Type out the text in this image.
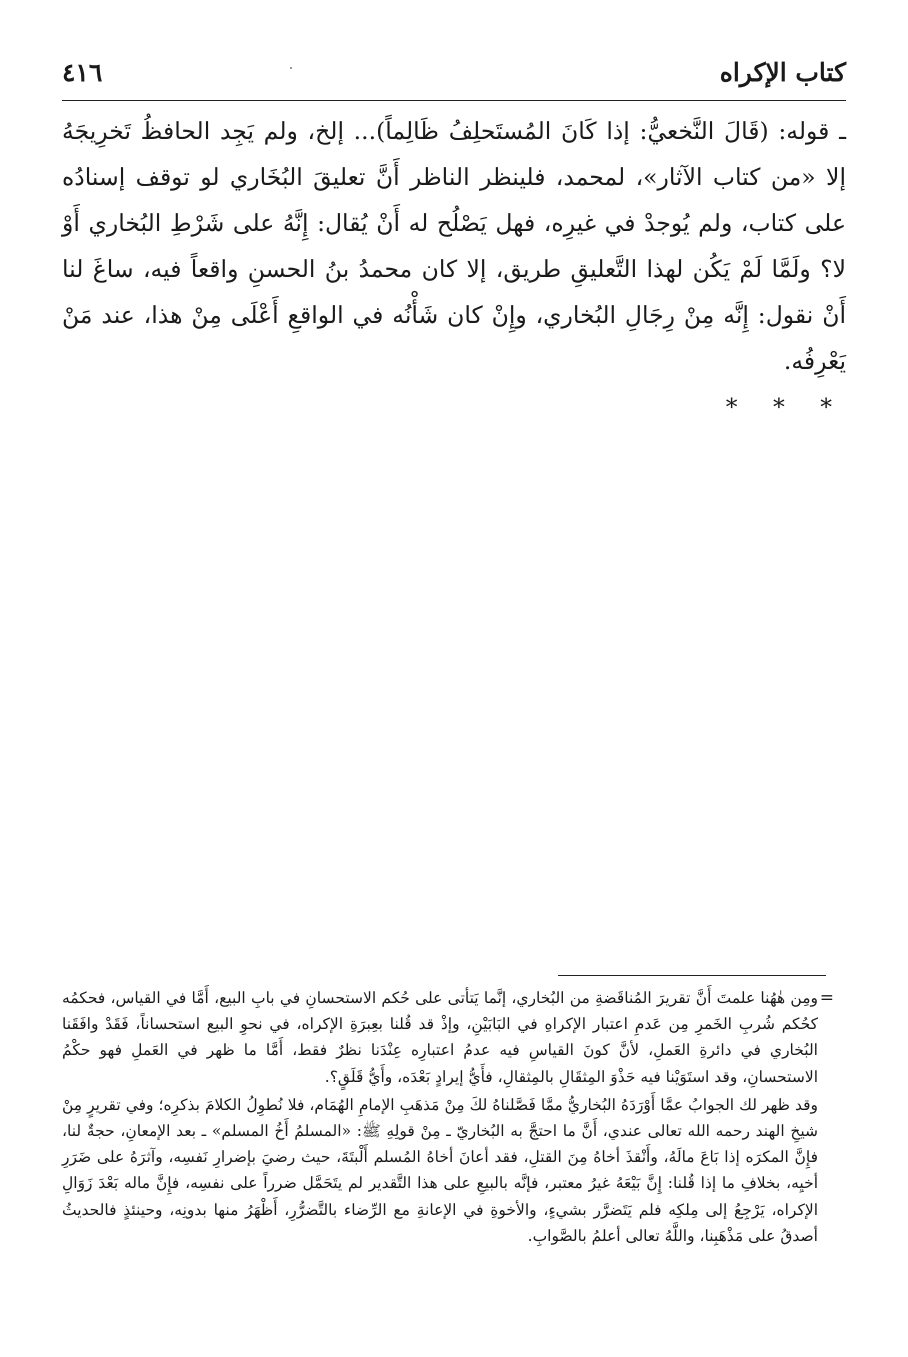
كتاب الإكراه
٤١٦

ـ قوله: (قَالَ النَّخعيُّ: إذا كَانَ المُستَحلِفُ ظَالِماً)... إلخ، ولم يَجِد الحافظُ تَخرِيجَهُ إلا «من كتاب الآثار»، لمحمد، فلينظر الناظر أَنَّ تعليقَ البُخَاري لو توقف إسنادُه على كتاب، ولم يُوجدْ في غيرِه، فهل يَصْلُح له أَنْ يُقال: إِنَّهُ على شَرْطِ البُخاري أَوْ لا؟ ولَمَّا لَمْ يَكُن لهذا التَّعليقِ طريق، إلا كان محمدُ بنُ الحسنِ واقعاً فيه، ساغَ لنا أَنْ نقول: إِنَّه مِنْ رِجَالِ البُخاري، وإِنْ كان شَأْنُه في الواقعِ أَعْلَى مِنْ هذا، عند مَنْ يَعْرِفُه.

* * *

=

ومِن هٰهُنا علمتَ أَنَّ تقريرَ المُناقَضةِ من البُخاري، إنَّما يَتأتى على حُكم الاستحسانِ في بابِ البيع، أَمَّا في القياس، فحكمُه كحُكم شُربِ الخَمرِ مِن عَدمِ اعتبار الإكراهِ في البَابَيْنِ، وإذْ قد قُلنا بعِبرَةِ الإكراه، في نحوِ البيع استحساناً، فَقَدْ وافَقَنا البُخاري في دائرةِ العَملِ، لأنَّ كونَ القياسِ فيه عدمُ اعتبارِه عِنْدَنا نظرٌ فقط، أَمَّا ما ظهر في العَملِ فهو حكْمُ الاستحسانِ، وقد استَوَيْنا فيه حَذْوَ المِثقَالِ بالمِثقالِ، فأَيُّ إيرادٍ بَعْدَه، وأَيُّ قَلَقٍ؟.

وقد ظهر لك الجوابُ عمَّا أَوْرَدَهُ البُخاريُّ ممَّا فَصَّلناهُ لكَ مِنْ مَذهَبِ الإمامِ الهُمَام، فلا نُطوِلُ الكلامَ بذكرِه؛ وفي تقريرٍ مِنْ شيخِ الهند رحمه الله تعالى عندي، أَنَّ ما احتجَّ به البُخاريّ ـ مِنْ قولِهِ ﷺ: «المسلمُ أَخُ المسلم» ـ بعد الإمعانِ، حجةٌ لنا، فإِنَّ المكرَه إذا بَاعَ مالَهُ، وأَنْقذَ أخاهُ مِنَ القتلِ، فقد أعانَ أخاهُ المُسلم أَلْبتَةَ، حيث رضيَ بإضرارِ نَفسِه، وآثرَهُ على ضَرَرِ أخيِه، بخلافِ ما إذا قُلنا: إِنَّ بَيْعَهُ غيرُ معتبر، فإنَّه بالبيعِ على هذا التَّقدير لم يتَحَمَّل ضرراً على نفسِه، فإِنَّ ماله بَعْدَ زَوَالِ الإكراه، يَرْجِعُ إلى مِلكِه فلم يَتَضرَّر بشيءٍ، والأخوةِ في الإعانةِ مع الرِّضاء بالتَّضرُّرِ، أَظْهَرُ منها بدونِه، وحينئذٍ فالحديثُ أصدقُ على مَذْهَبِنا، واللَّهُ تعالى أعلمُ بالصَّوابِ.
